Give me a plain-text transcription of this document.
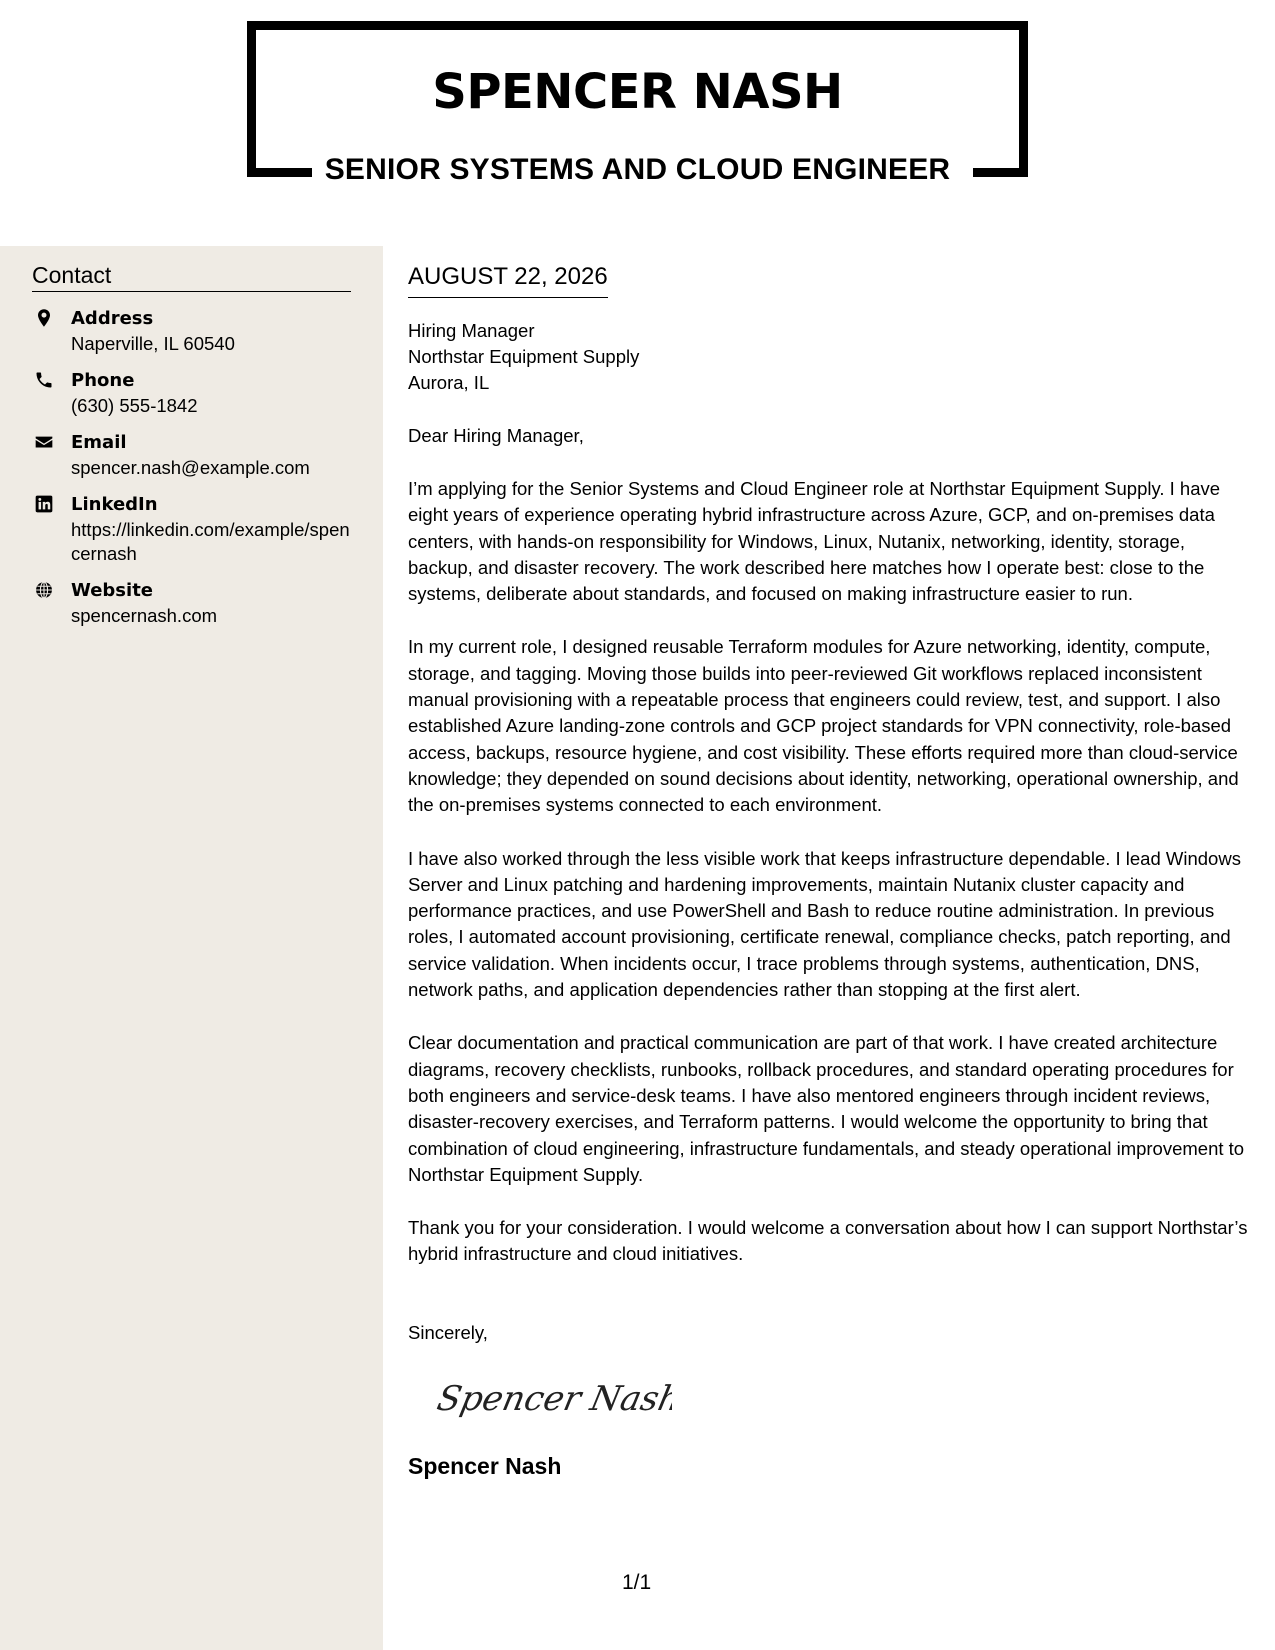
SPENCER NASH
SENIOR SYSTEMS AND CLOUD ENGINEER
Contact
Address
Naperville, IL 60540
Phone
(630) 555-1842
Email
spencer.nash@example.com
LinkedIn
https://linkedin.com/example/spencernash
Website
spencernash.com
AUGUST 22, 2026
Hiring Manager
Northstar Equipment Supply
Aurora, IL
Dear Hiring Manager,
I’m applying for the Senior Systems and Cloud Engineer role at Northstar Equipment Supply. I have eight years of experience operating hybrid infrastructure across Azure, GCP, and on-premises data centers, with hands-on responsibility for Windows, Linux, Nutanix, networking, identity, storage, backup, and disaster recovery. The work described here matches how I operate best: close to the systems, deliberate about standards, and focused on making infrastructure easier to run.
In my current role, I designed reusable Terraform modules for Azure networking, identity, compute, storage, and tagging. Moving those builds into peer-reviewed Git workflows replaced inconsistent manual provisioning with a repeatable process that engineers could review, test, and support. I also established Azure landing-zone controls and GCP project standards for VPN connectivity, role-based access, backups, resource hygiene, and cost visibility. These efforts required more than cloud-service knowledge; they depended on sound decisions about identity, networking, operational ownership, and the on-premises systems connected to each environment.
I have also worked through the less visible work that keeps infrastructure dependable. I lead Windows Server and Linux patching and hardening improvements, maintain Nutanix cluster capacity and performance practices, and use PowerShell and Bash to reduce routine administration. In previous roles, I automated account provisioning, certificate renewal, compliance checks, patch reporting, and service validation. When incidents occur, I trace problems through systems, authentication, DNS, network paths, and application dependencies rather than stopping at the first alert.
Clear documentation and practical communication are part of that work. I have created architecture diagrams, recovery checklists, runbooks, rollback procedures, and standard operating procedures for both engineers and service-desk teams. I have also mentored engineers through incident reviews, disaster-recovery exercises, and Terraform patterns. I would welcome the opportunity to bring that combination of cloud engineering, infrastructure fundamentals, and steady operational improvement to Northstar Equipment Supply.
Thank you for your consideration. I would welcome a conversation about how I can support Northstar’s hybrid infrastructure and cloud initiatives.
Sincerely,
Spencer Nash
Spencer Nash
1/1
